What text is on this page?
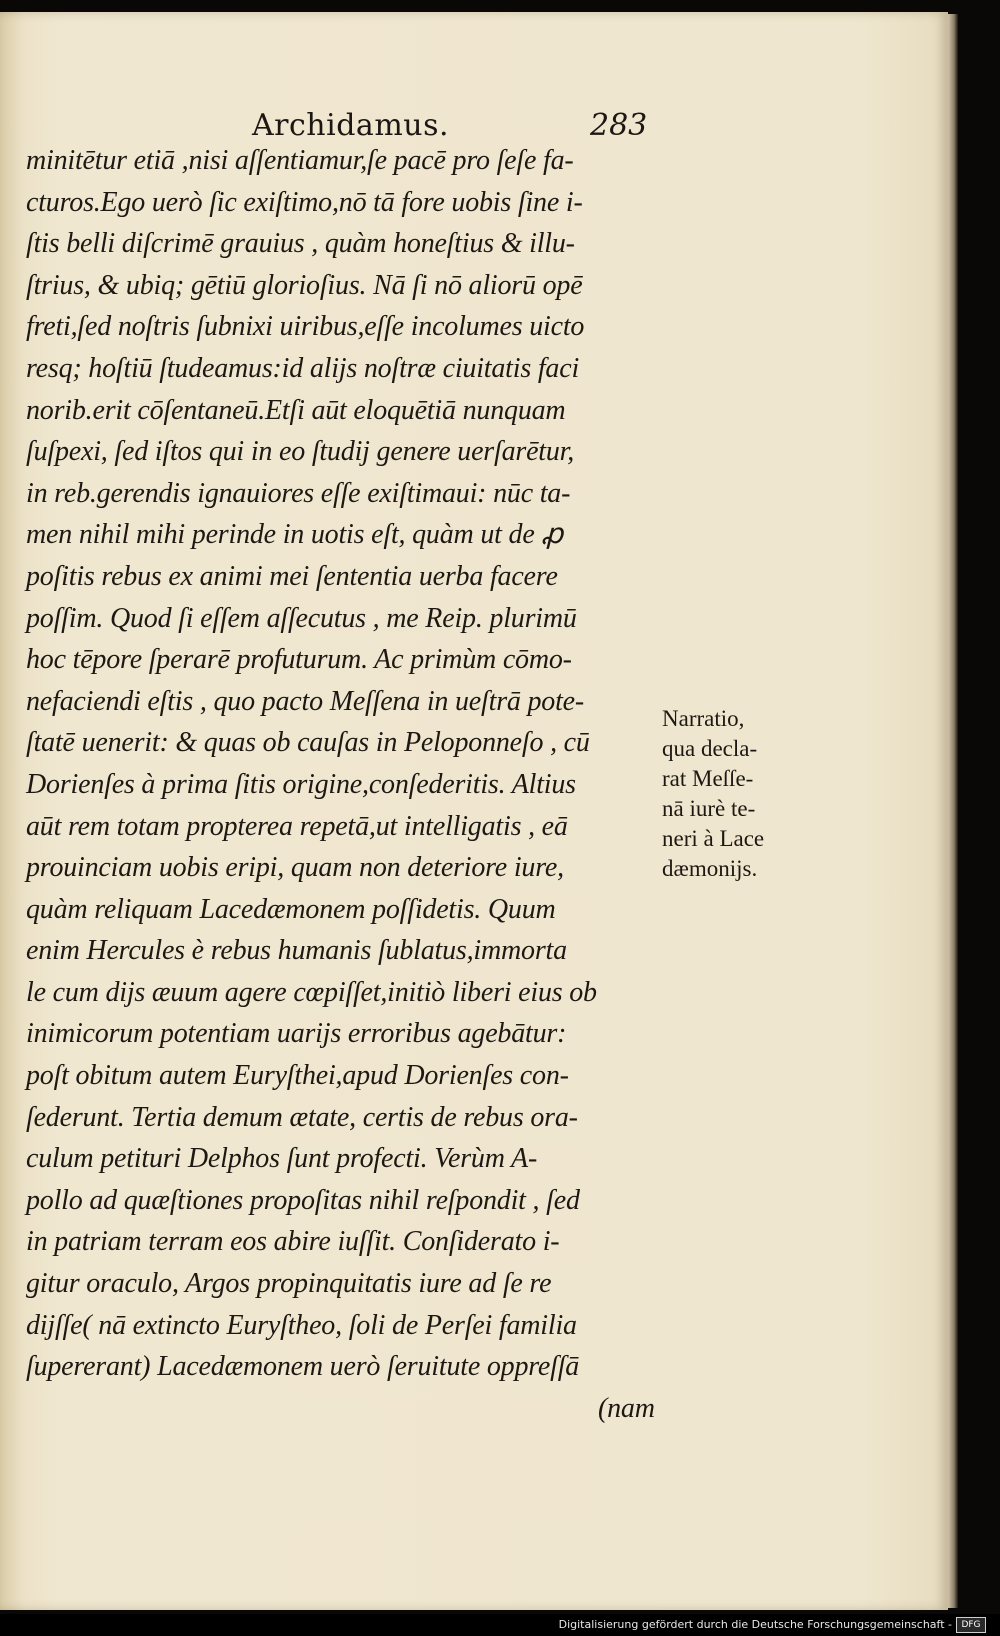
Archidamus.	283
minitētur etiā ,nisi aſſentiamur,ſe pacē pro ſeſe fa-
cturos.Ego uerò ſic exiſtimo,nō tā fore uobis ſine i-
ſtis belli diſcrimē grauius , quàm honeſtius & illu-
ſtrius, & ubiq; gētiū glorioſius. Nā ſi nō aliorū opē
freti,ſed noſtris ſubnixi uiribus,eſſe incolumes uicto
resq; hoſtiū ſtudeamus:id alijs noſtræ ciuitatis faci
norib.erit cōſentaneū.Etſi aūt eloquētiā nunquam
ſuſpexi, ſed iſtos qui in eo ſtudij genere uerſarētur,
in reb.gerendis ignauiores eſſe exiſtimaui: nūc ta-
men nihil mihi perinde in uotis eſt, quàm ut de ꝓ
poſitis rebus ex animi mei ſententia uerba facere
poſſim. Quod ſi eſſem aſſecutus , me Reip. plurimū
hoc tēpore ſperarē profuturum. Ac primùm cōmo-
nefaciendi eſtis , quo pacto Meſſena in ueſtrā pote-
ſtatē uenerit: & quas ob cauſas in Peloponneſo , cū
Dorienſes à prima ſitis origine,conſederitis. Altius
aūt rem totam propterea repetā,ut intelligatis , eā
prouinciam uobis eripi, quam non deteriore iure,
quàm reliquam Lacedæmonem poſſidetis. Quum
enim Hercules è rebus humanis ſublatus,immorta
le cum dijs æuum agere cœpiſſet,initiò liberi eius ob
inimicorum potentiam uarijs erroribus agebātur:
poſt obitum autem Euryſthei,apud Dorienſes con-
ſederunt. Tertia demum ætate, certis de rebus ora-
culum petituri Delphos ſunt profecti. Verùm A-
pollo ad quæſtiones propoſitas nihil reſpondit , ſed
in patriam terram eos abire iuſſit. Conſiderato i-
gitur oraculo, Argos propinquitatis iure ad ſe re
dijſſe( nā extincto Euryſtheo, ſoli de Perſei familia
ſupererant) Lacedæmonem uerò ſeruitute oppreſſā
(nam
Narratio,
qua decla-
rat Meſſe-
nā iurè te-
neri à Lace
dæmonijs.
Digitalisierung gefördert durch die Deutsche Forschungsgemeinschaft -	DFG
